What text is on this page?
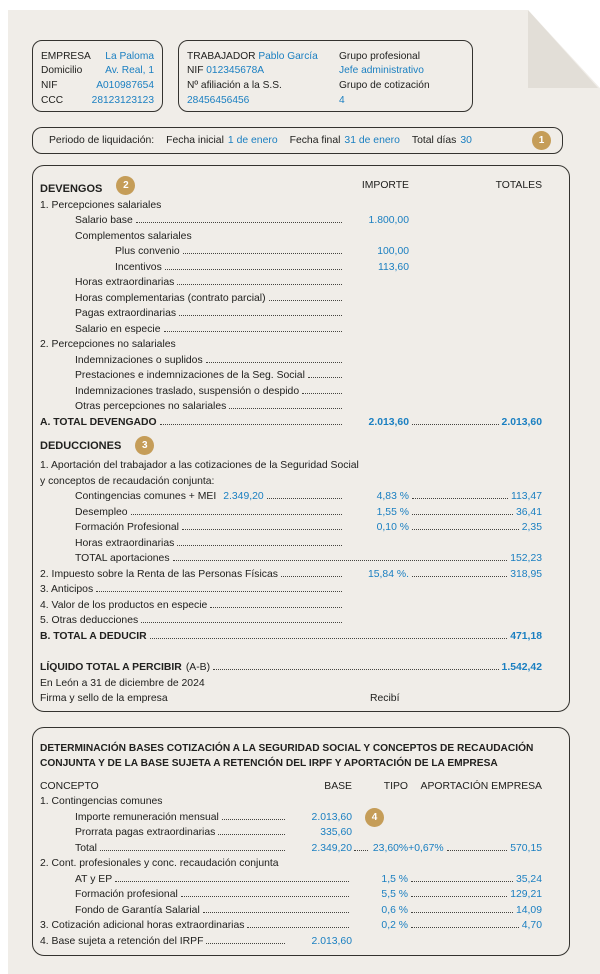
EMPRESA La Paloma
Domicilio Av. Real, 1
NIF	A010987654
CCC	28123123123
TRABAJADOR Pablo García
NIF 012345678A
Nº afiliación a la S.S.
28456456456
Grupo profesional
Jefe administrativo
Grupo de cotización
4
Periodo de liquidación: Fecha inicial 1 de enero Fecha final 31 de enero Total días 30	1
DEVENGOS	2	IMPORTE	TOTALES
1. Percepciones salariales
Salario base	1.800,00
Complementos salariales
Plus convenio	100,00
Incentivos	113,60
Horas extraordinarias
Horas complementarias (contrato parcial)
Pagas extraordinarias
Salario en especie
2. Percepciones no salariales
Indemnizaciones o suplidos
Prestaciones e indemnizaciones de la Seg. Social
Indemnizaciones traslado, suspensión o despido
Otras percepciones no salariales
A. TOTAL DEVENGADO	2.013,60	2.013,60
DEDUCCIONES	3
1. Aportación del trabajador a las cotizaciones de la Seguridad Social
y conceptos de recaudación conjunta:
Contingencias comunes + MEI 2.349,20	4,83 %	113,47
Desempleo	1,55 %	36,41
Formación Profesional	0,10 %	2,35
Horas extraordinarias
TOTAL aportaciones	152,23
2. Impuesto sobre la Renta de las Personas Físicas	15,84 %.	318,95
3. Anticipos
4. Valor de los productos en especie
5. Otras deducciones
B. TOTAL A DEDUCIR	471,18
LÍQUIDO TOTAL A PERCIBIR (A-B)	1.542,42
En León a 31 de diciembre de 2024
Firma y sello de la empresa	Recibí
DETERMINACIÓN BASES COTIZACIÓN A LA SEGURIDAD SOCIAL Y CONCEPTOS DE RECAUDACIÓN
CONJUNTA Y DE LA BASE SUJETA A RETENCIÓN DEL IRPF Y APORTACIÓN DE LA EMPRESA
CONCEPTO	BASE	TIPO APORTACIÓN EMPRESA
1. Contingencias comunes
Importe remuneración mensual	2.013,60
Prorrata pagas extraordinarias	335,60
Total	2.349,20 23,60%+0,67%	570,15
2. Cont. profesionales y conc. recaudación conjunta
AT y EP	1,5 %	35,24
Formación profesional	5,5 %	129,21
Fondo de Garantía Salarial	0,6 %	14,09
3. Cotización adicional horas extraordinarias	0,2 %	4,70
4. Base sujeta a retención del IRPF	2.013,60
4
